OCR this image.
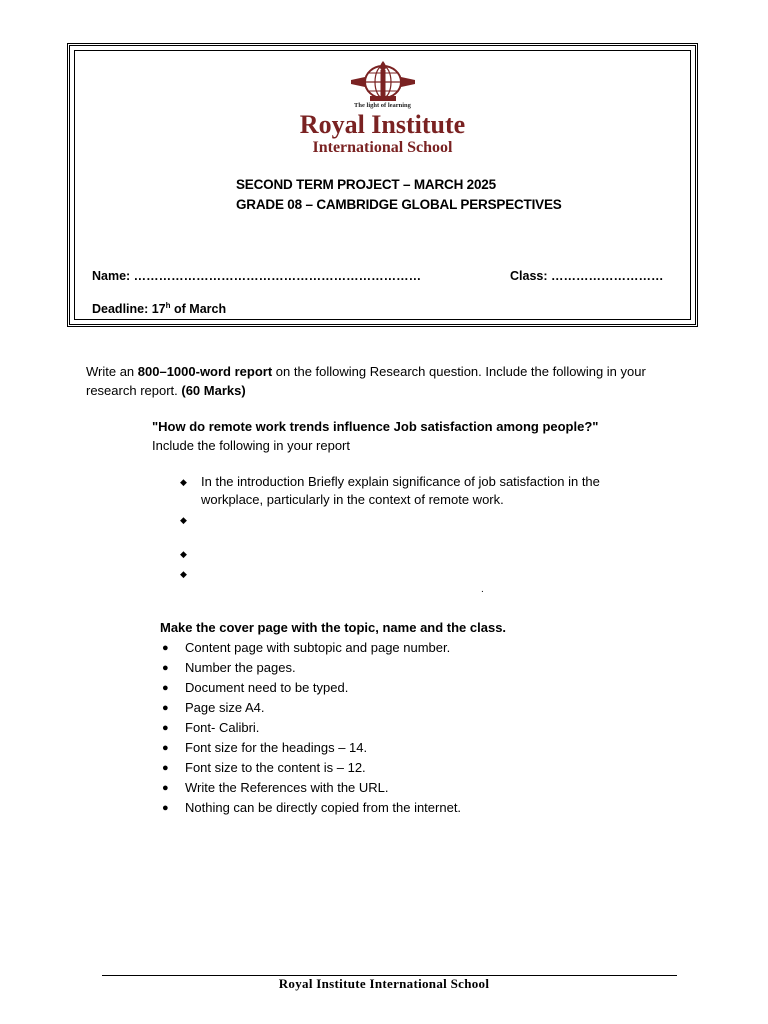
The light of learning
Royal Institute
International School
SECOND TERM PROJECT – MARCH 2025
GRADE 08 – CAMBRIDGE GLOBAL PERSPECTIVES
Name: ……………………………………………………………	Class: ………………………
Deadline: 17$^h$ of March
Write an 800–1000-word report on the following Research question. Include the following in your research report. (60 Marks)
"How do remote work trends influence Job satisfaction among people?"
Include the following in your report
◆ In the introduction Briefly explain significance of job satisfaction in the workplace, particularly in the context of remote work.
◆
◆
◆
.
Make the cover page with the topic, name and the class.
● Content page with subtopic and page number.
● Number the pages.
● Document need to be typed.
● Page size A4.
● Font- Calibri.
● Font size for the headings – 14.
● Font size to the content is – 12.
● Write the References with the URL.
● Nothing can be directly copied from the internet.
Royal Institute International School
